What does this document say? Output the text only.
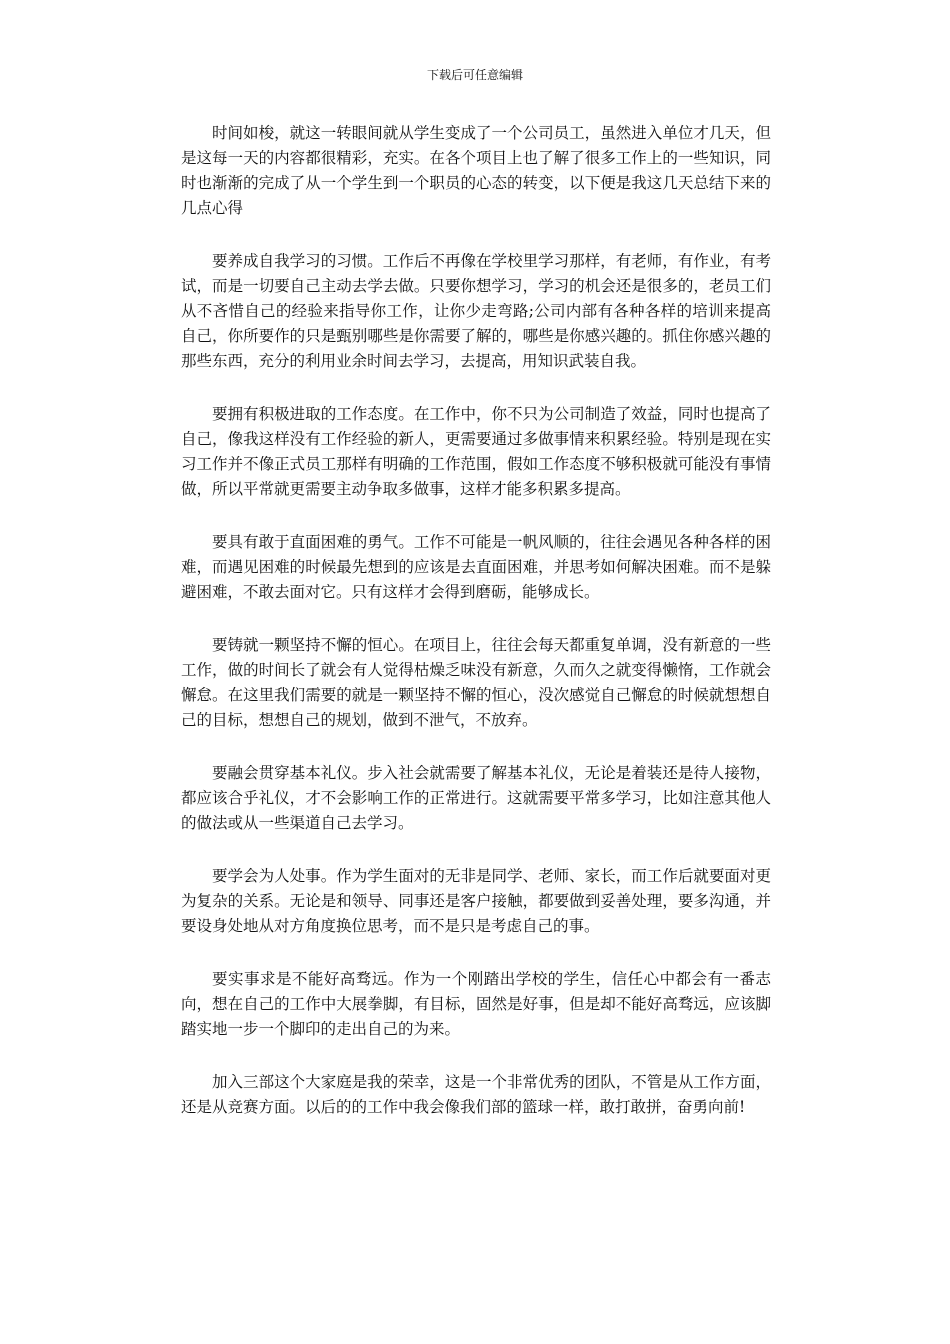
下载后可任意编辑

时间如梭，就这一转眼间就从学生变成了一个公司员工，虽然进入单位才几天，但是这每一天的内容都很精彩，充实。在各个项目上也了解了很多工作上的一些知识，同时也渐渐的完成了从一个学生到一个职员的心态的转变，以下便是我这几天总结下来的几点心得

要养成自我学习的习惯。工作后不再像在学校里学习那样，有老师，有作业，有考试，而是一切要自己主动去学去做。只要你想学习，学习的机会还是很多的，老员工们从不吝惜自己的经验来指导你工作，让你少走弯路;公司内部有各种各样的培训来提高自己，你所要作的只是甄别哪些是你需要了解的，哪些是你感兴趣的。抓住你感兴趣的那些东西，充分的利用业余时间去学习，去提高，用知识武装自我。

要拥有积极进取的工作态度。在工作中，你不只为公司制造了效益，同时也提高了自己，像我这样没有工作经验的新人，更需要通过多做事情来积累经验。特别是现在实习工作并不像正式员工那样有明确的工作范围，假如工作态度不够积极就可能没有事情做，所以平常就更需要主动争取多做事，这样才能多积累多提高。

要具有敢于直面困难的勇气。工作不可能是一帆风顺的，往往会遇见各种各样的困难，而遇见困难的时候最先想到的应该是去直面困难，并思考如何解决困难。而不是躲避困难，不敢去面对它。只有这样才会得到磨砺，能够成长。

要铸就一颗坚持不懈的恒心。在项目上，往往会每天都重复单调，没有新意的一些工作，做的时间长了就会有人觉得枯燥乏味没有新意，久而久之就变得懒惰，工作就会懈怠。在这里我们需要的就是一颗坚持不懈的恒心，没次感觉自己懈怠的时候就想想自己的目标，想想自己的规划，做到不泄气，不放弃。

要融会贯穿基本礼仪。步入社会就需要了解基本礼仪，无论是着装还是待人接物，都应该合乎礼仪，才不会影响工作的正常进行。这就需要平常多学习，比如注意其他人的做法或从一些渠道自己去学习。

要学会为人处事。作为学生面对的无非是同学、老师、家长，而工作后就要面对更为复杂的关系。无论是和领导、同事还是客户接触，都要做到妥善处理，要多沟通，并要设身处地从对方角度换位思考，而不是只是考虑自己的事。

要实事求是不能好高骛远。作为一个刚踏出学校的学生，信任心中都会有一番志向，想在自己的工作中大展拳脚，有目标，固然是好事，但是却不能好高骛远，应该脚踏实地一步一个脚印的走出自己的为来。

加入三部这个大家庭是我的荣幸，这是一个非常优秀的团队，不管是从工作方面，还是从竞赛方面。以后的的工作中我会像我们部的篮球一样，敢打敢拼，奋勇向前!
